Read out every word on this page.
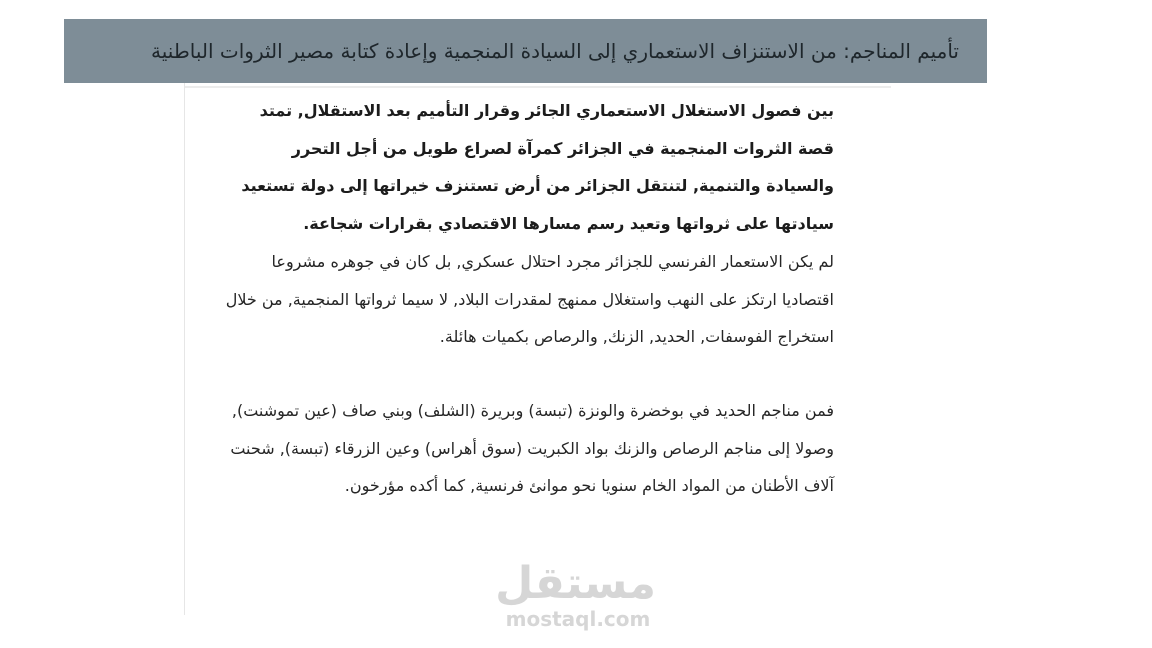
تأميم المناجم: من الاستنزاف الاستعماري إلى السيادة المنجمية وإعادة كتابة مصير الثروات الباطنية

بين فصول الاستغلال الاستعماري الجائر وقرار التأميم بعد الاستقلال, تمتد قصة الثروات المنجمية في الجزائر كمرآة لصراع طويل من أجل التحرر والسيادة والتنمية, لتنتقل الجزائر من أرض تستنزف خيراتها إلى دولة تستعيد سيادتها على ثرواتها وتعيد رسم مسارها الاقتصادي بقرارات شجاعة.

لم يكن الاستعمار الفرنسي للجزائر مجرد احتلال عسكري, بل كان في جوهره مشروعا اقتصاديا ارتكز على النهب واستغلال ممنهج لمقدرات البلاد, لا سيما ثرواتها المنجمية, من خلال استخراج الفوسفات, الحديد, الزنك, والرصاص بكميات هائلة.

فمن مناجم الحديد في بوخضرة والونزة (تبسة) وبريرة (الشلف) وبني صاف (عين تموشنت), وصولا إلى مناجم الرصاص والزنك بواد الكبريت (سوق أهراس) وعين الزرقاء (تبسة), شحنت آلاف الأطنان من المواد الخام سنويا نحو موانئ فرنسية, كما أكده مؤرخون.

مستقل
mostaql.com
